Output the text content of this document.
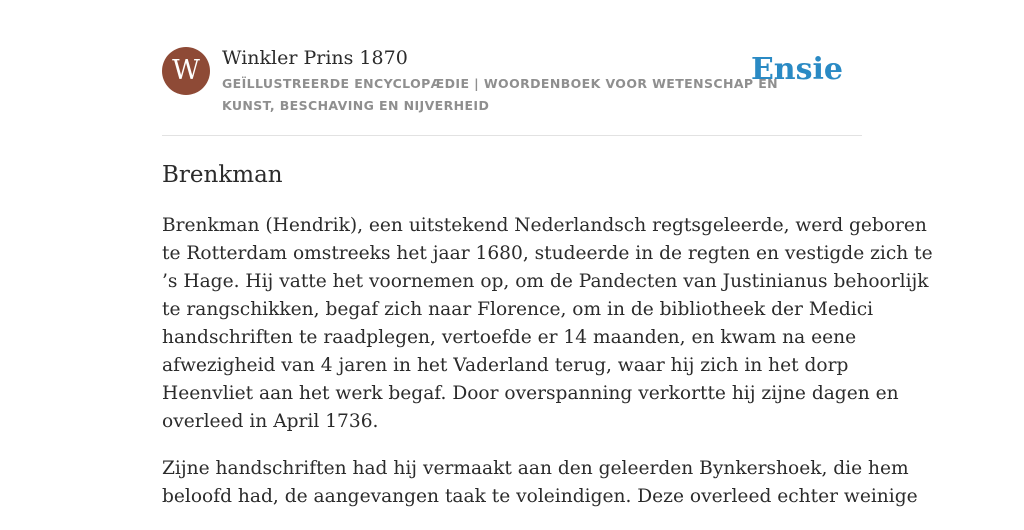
W	Winkler Prins 1870
GEÏLLUSTREERDE ENCYCLOPÆDIE | WOORDENBOEK VOOR WETENSCHAP EN
KUNST, BESCHAVING EN NIJVERHEID
Ensie
Brenkman

Brenkman (Hendrik), een uitstekend Nederlandsch regtsgeleerde, werd geboren
te Rotterdam omstreeks het jaar 1680, studeerde in de regten en vestigde zich te
’s Hage. Hij vatte het voornemen op, om de Pandecten van Justinianus behoorlijk
te rangschikken, begaf zich naar Florence, om in de bibliotheek der Medici
handschriften te raadplegen, vertoefde er 14 maanden, en kwam na eene
afwezigheid van 4 jaren in het Vaderland terug, waar hij zich in het dorp
Heenvliet aan het werk begaf. Door overspanning verkortte hij zijne dagen en
overleed in April 1736.

Zijne handschriften had hij vermaakt aan den geleerden Bynkershoek, die hem
beloofd had, de aangevangen taak te voleindigen. Deze overleed echter weinige
